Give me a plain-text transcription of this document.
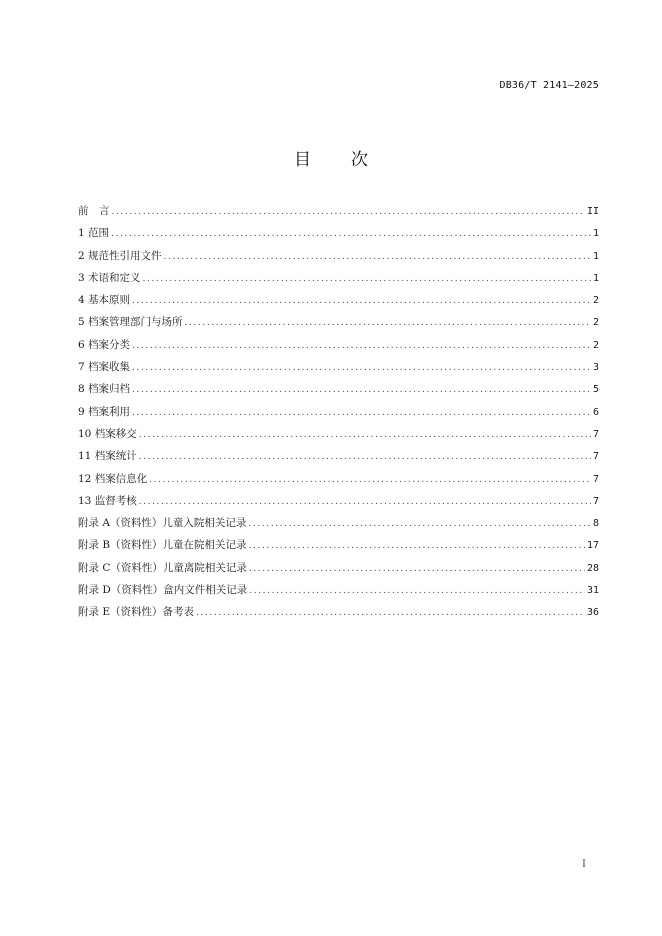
DB36/T 2141—2025
目 次
前　言 .....	II
1 范围 .....	1
2 规范性引用文件 .....	1
3 术语和定义 .....	1
4 基本原则 .....	2
5 档案管理部门与场所 .....	2
6 档案分类 .....	2
7 档案收集 .....	3
8 档案归档 .....	5
9 档案利用 .....	6
10 档案移交 .....	7
11 档案统计 .....	7
12 档案信息化 .....	7
13 监督考核 .....	7
附录 A（资料性）儿童入院相关记录 .....	8
附录 B（资料性）儿童在院相关记录 .....	17
附录 C（资料性）儿童离院相关记录 .....	28
附录 D（资料性）盒内文件相关记录 .....	31
附录 E（资料性）备考表 .....	36
I
